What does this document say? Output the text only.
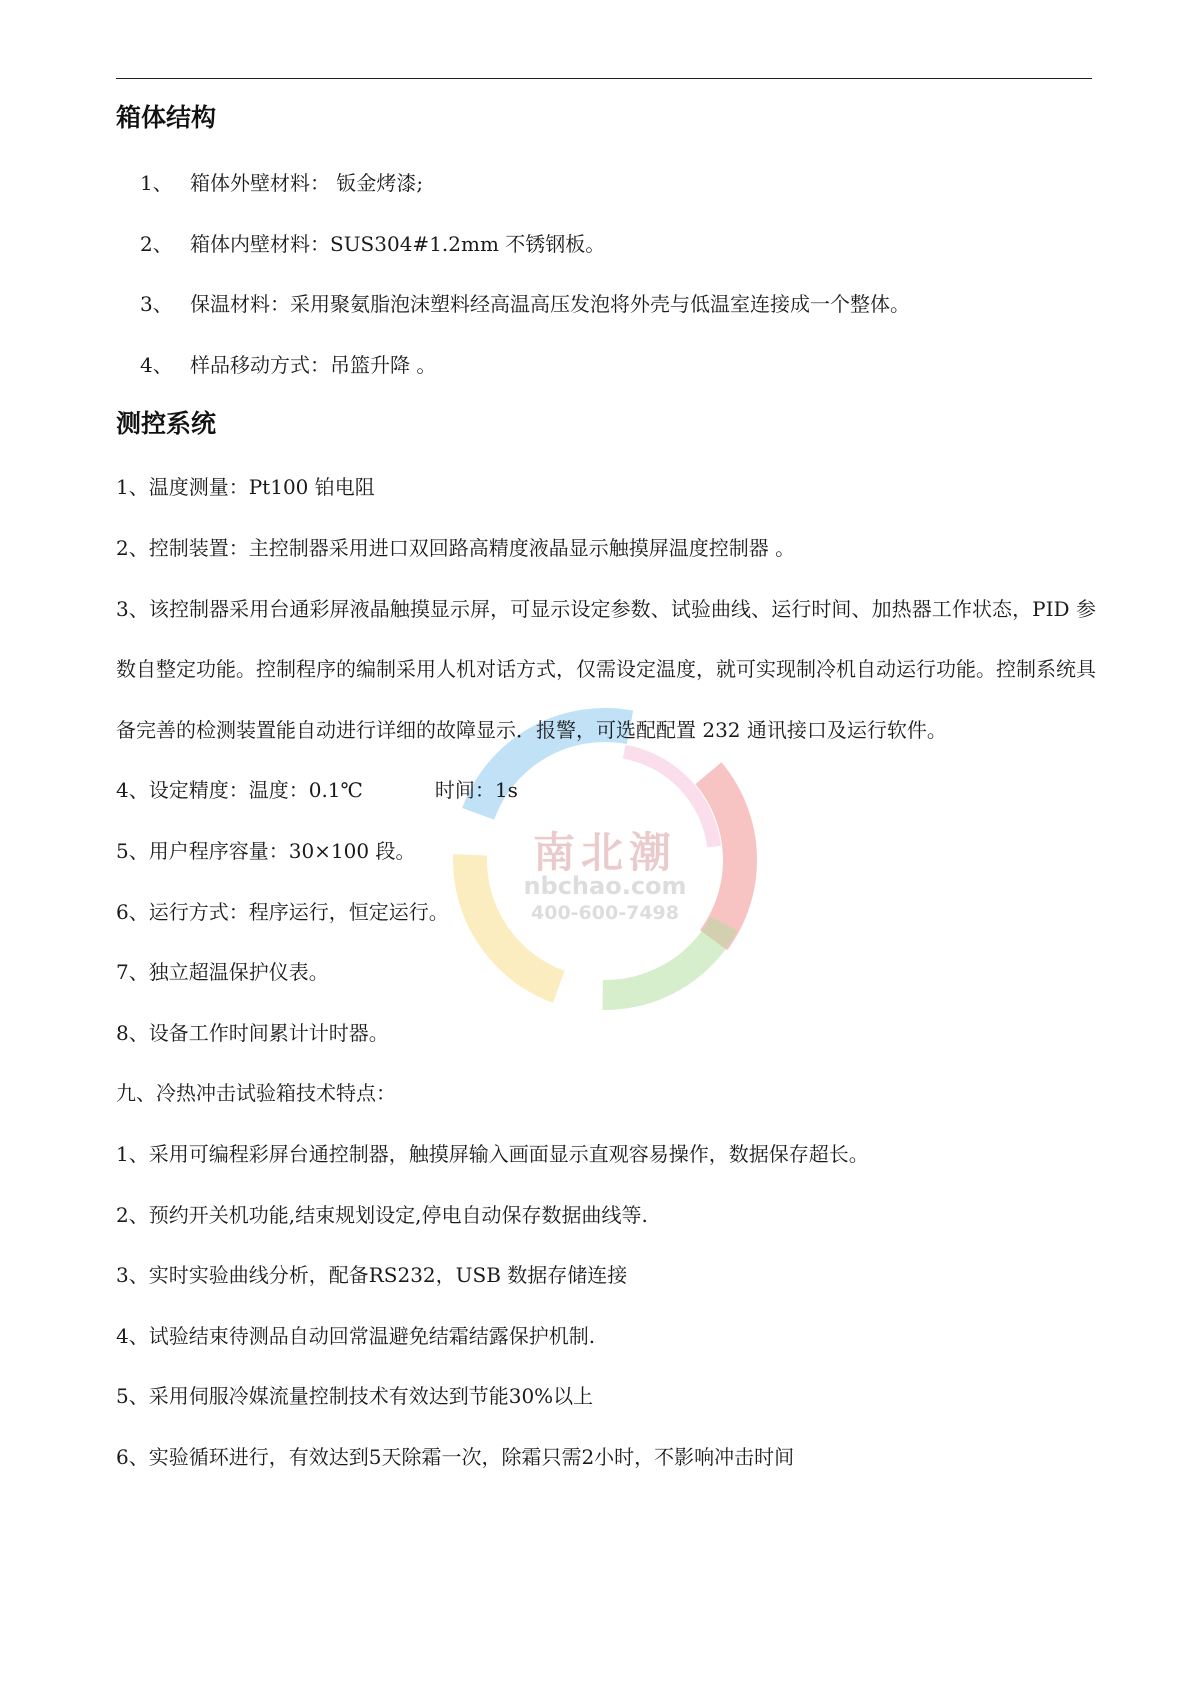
南北潮
nbchao.com
400-600-7498
箱体结构
1、 箱体外壁材料： 钣金烤漆;
2、 箱体内壁材料：SUS304#1.2mm 不锈钢板。
3、 保温材料：采用聚氨脂泡沫塑料经高温高压发泡将外壳与低温室连接成一个整体。
4、 样品移动方式：吊篮升降 。
测控系统

1、温度测量：Pt100 铂电阻

2、控制装置：主控制器采用进口双回路高精度液晶显示触摸屏温度控制器 。

3、该控制器采用台通彩屏液晶触摸显示屏，可显示设定参数、试验曲线、运行时间、加热器工作状态，PID 参数自整定功能。控制程序的编制采用人机对话方式，仅需设定温度，就可实现制冷机自动运行功能。控制系统具备完善的检测装置能自动进行详细的故障显示．报警，可选配配置 232 通讯接口及运行软件。

4、设定精度：温度：0.1℃	时间：1s

5、用户程序容量：30×100 段。

6、运行方式：程序运行，恒定运行。

7、独立超温保护仪表。

8、设备工作时间累计计时器。

九、冷热冲击试验箱技术特点：

1、采用可编程彩屏台通控制器，触摸屏输入画面显示直观容易操作，数据保存超长。

2、预约开关机功能,结束规划设定,停电自动保存数据曲线等.

3、实时实验曲线分析，配备RS232，USB 数据存储连接

4、试验结束待测品自动回常温避免结霜结露保护机制.

5、采用伺服冷媒流量控制技术有效达到节能30%以上

6、实验循环进行，有效达到5天除霜一次，除霜只需2小时，不影响冲击时间
